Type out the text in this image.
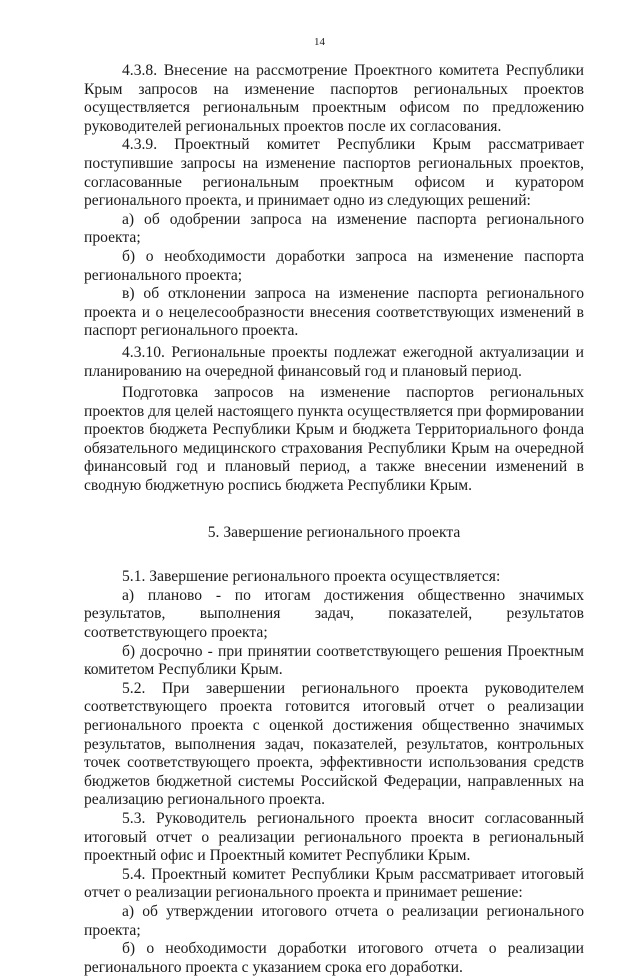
14

4.3.8. Внесение на рассмотрение Проектного комитета Республики Крым запросов на изменение паспортов региональных проектов осуществляется региональным проектным офисом по предложению руководителей региональных проектов после их согласования.

4.3.9. Проектный комитет Республики Крым рассматривает поступившие запросы на изменение паспортов региональных проектов, согласованные региональным проектным офисом и куратором регионального проекта, и принимает одно из следующих решений:

а) об одобрении запроса на изменение паспорта регионального проекта;

б) о необходимости доработки запроса на изменение паспорта регионального проекта;

в) об отклонении запроса на изменение паспорта регионального проекта и о нецелесообразности внесения соответствующих изменений в паспорт регионального проекта.

4.3.10. Региональные проекты подлежат ежегодной актуализации и планированию на очередной финансовый год и плановый период.

Подготовка запросов на изменение паспортов региональных проектов для целей настоящего пункта осуществляется при формировании проектов бюджета Республики Крым и бюджета Территориального фонда обязательного медицинского страхования Республики Крым на очередной финансовый год и плановый период, а также внесении изменений в сводную бюджетную роспись бюджета Республики Крым.

5. Завершение регионального проекта

5.1. Завершение регионального проекта осуществляется:

а) планово - по итогам достижения общественно значимых результатов, выполнения задач, показателей, результатов соответствующего проекта;

б) досрочно - при принятии соответствующего решения Проектным комитетом Республики Крым.

5.2. При завершении регионального проекта руководителем соответствующего проекта готовится итоговый отчет о реализации регионального проекта с оценкой достижения общественно значимых результатов, выполнения задач, показателей, результатов, контрольных точек соответствующего проекта, эффективности использования средств бюджетов бюджетной системы Российской Федерации, направленных на реализацию регионального проекта.

5.3. Руководитель регионального проекта вносит согласованный итоговый отчет о реализации регионального проекта в региональный проектный офис и Проектный комитет Республики Крым.

5.4. Проектный комитет Республики Крым рассматривает итоговый отчет о реализации регионального проекта и принимает решение:

а) об утверждении итогового отчета о реализации регионального проекта;

б) о необходимости доработки итогового отчета о реализации регионального проекта с указанием срока его доработки.
